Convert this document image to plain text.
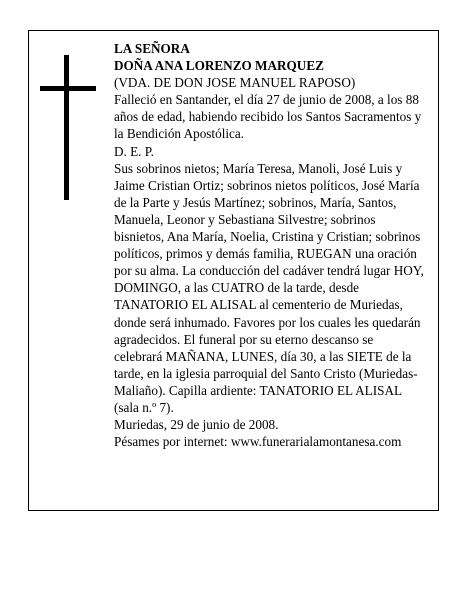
LA SEÑORA

DOÑA ANA LORENZO MARQUEZ

(VDA. DE DON JOSE MANUEL RAPOSO)

Falleció en Santander, el día 27 de junio de 2008, a los 88 años de edad, habiendo recibido los Santos Sacramentos y la Bendición Apostólica.

D. E. P.

Sus sobrinos nietos; María Teresa, Manoli, José Luis y Jaime Cristian Ortiz; sobrinos nietos políticos, José María de la Parte y Jesús Martínez; sobrinos, María, Santos, Manuela, Leonor y Sebastiana Silvestre; sobrinos bisnietos, Ana María, Noelia, Cristina y Cristian; sobrinos políticos, primos y demás familia, RUEGAN una oración por su alma. La conducción del cadáver tendrá lugar HOY, DOMINGO, a las CUATRO de la tarde, desde TANATORIO EL ALISAL al cementerio de Muriedas, donde será inhumado. Favores por los cuales les quedarán agradecidos. El funeral por su eterno descanso se celebrará MAÑANA, LUNES, día 30, a las SIETE de la tarde, en la iglesia parroquial del Santo Cristo (Muriedas-Maliaño). Capilla ardiente: TANATORIO EL ALISAL (sala n.º 7).

Muriedas, 29 de junio de 2008.

Pésames por internet: www.funerarialamontanesa.com
